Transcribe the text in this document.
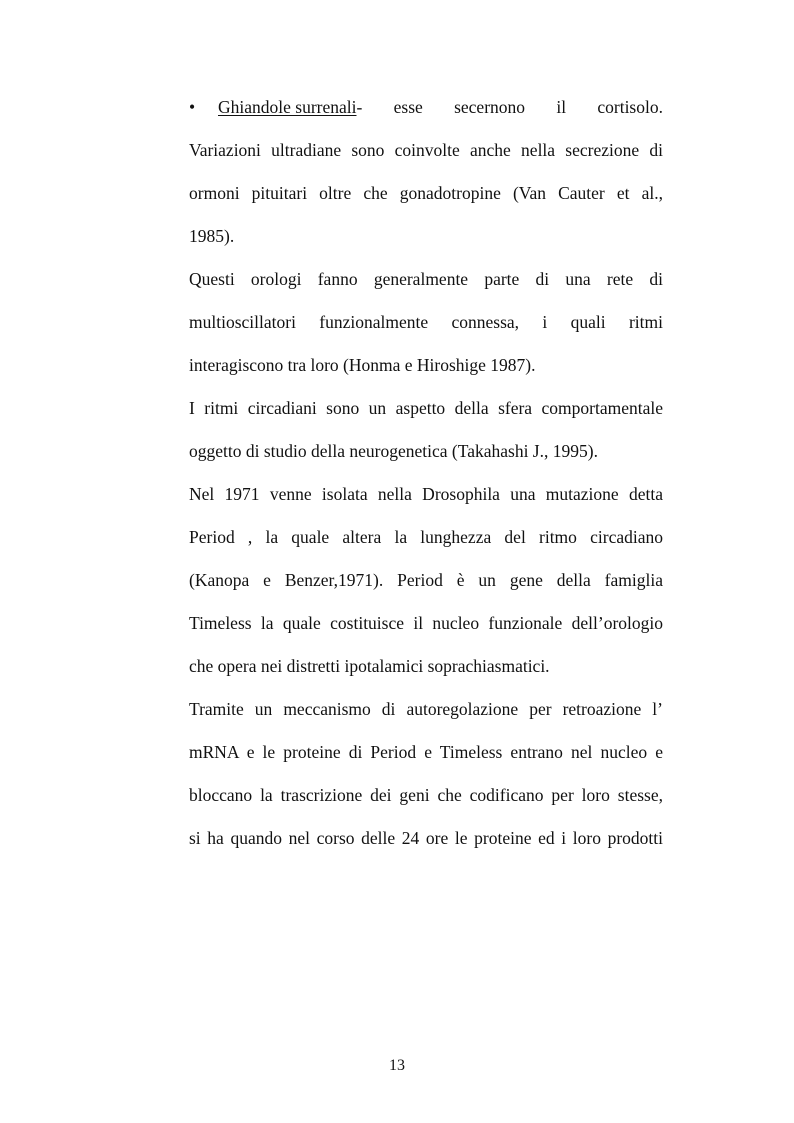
•	Ghiandole surrenali- esse secernono il cortisolo.
Variazioni ultradiane sono coinvolte anche nella secrezione di
ormoni pituitari oltre che gonadotropine (Van Cauter et al.,
1985).
Questi orologi fanno generalmente parte di una rete di
multioscillatori funzionalmente connessa, i quali ritmi
interagiscono tra loro (Honma e Hiroshige 1987).
I ritmi circadiani sono un aspetto della sfera comportamentale
oggetto di studio della neurogenetica (Takahashi J., 1995).
Nel 1971 venne isolata nella Drosophila una mutazione detta
Period , la quale altera la lunghezza del ritmo circadiano
(Kanopa e Benzer,1971). Period è un gene della famiglia
Timeless la quale costituisce il nucleo funzionale dell’orologio
che opera nei distretti ipotalamici soprachiasmatici.
Tramite un meccanismo di autoregolazione per retroazione l’
mRNA e le proteine di Period e Timeless entrano nel nucleo e
bloccano la trascrizione dei geni che codificano per loro stesse,
si ha quando nel corso delle 24 ore le proteine ed i loro prodotti
13
